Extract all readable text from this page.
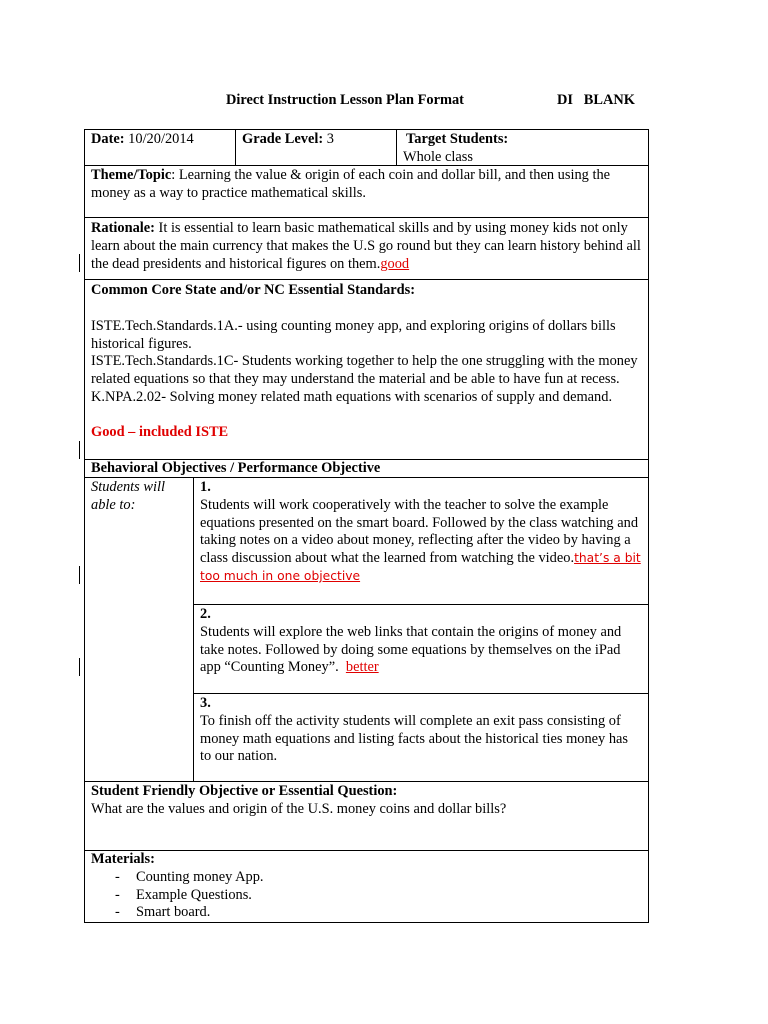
Direct Instruction Lesson Plan Format	DI   BLANK
Date: 10/20/2014	Grade Level: 3	Target Students:
Whole class
Theme/Topic: Learning the value & origin of each coin and dollar bill, and then using the money as a way to practice mathematical skills.
Rationale: It is essential to learn basic mathematical skills and by using money kids not only learn about the main currency that makes the U.S go round but they can learn history behind all the dead presidents and historical figures on them.good
Common Core State and/or NC Essential Standards:
ISTE.Tech.Standards.1A.- using counting money app, and exploring origins of dollars bills historical figures.
ISTE.Tech.Standards.1C- Students working together to help the one struggling with the money related equations so that they may understand the material and be able to have fun at recess.
K.NPA.2.02- Solving money related math equations with scenarios of supply and demand.
Good – included ISTE
Behavioral Objectives / Performance Objective
Students will able to:
1.
Students will work cooperatively with the teacher to solve the example equations presented on the smart board. Followed by the class watching and taking notes on a video about money, reflecting after the video by having a class discussion about what the learned from watching the video.that’s a bit too much in one objective
2.
Students will explore the web links that contain the origins of money and take notes. Followed by doing some equations by themselves on the iPad app “Counting Money”. better
3.
To finish off the activity students will complete an exit pass consisting of money math equations and listing facts about the historical ties money has to our nation.
Student Friendly Objective or Essential Question:
What are the values and origin of the U.S. money coins and dollar bills?
Materials:
- Counting money App.
- Example Questions.
- Smart board.
